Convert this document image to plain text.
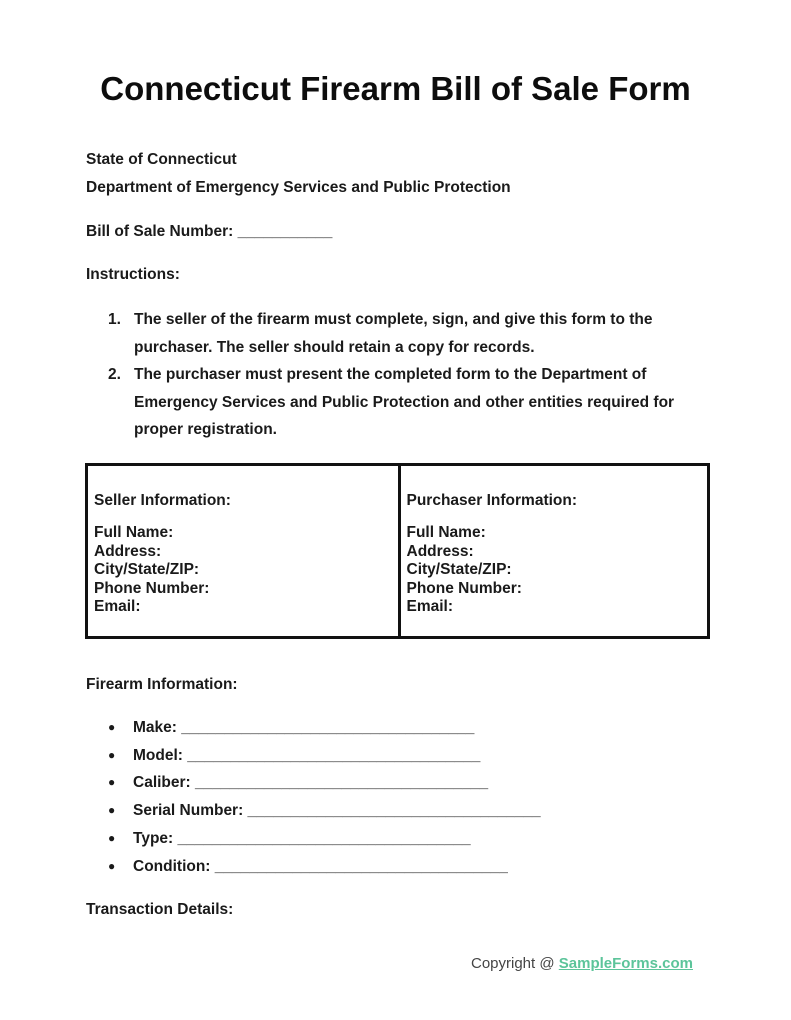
Connecticut Firearm Bill of Sale Form
State of Connecticut
Department of Emergency Services and Public Protection
Bill of Sale Number: ___________
Instructions:
1. The seller of the firearm must complete, sign, and give this form to the purchaser. The seller should retain a copy for records.
2. The purchaser must present the completed form to the Department of Emergency Services and Public Protection and other entities required for proper registration.
Seller Information:
Full Name:
Address:
City/State/ZIP:
Phone Number:
Email:
Purchaser Information:
Full Name:
Address:
City/State/ZIP:
Phone Number:
Email:
Firearm Information:
●	Make: __________________________________
●	Model: __________________________________
●	Caliber: __________________________________
●	Serial Number: __________________________________
●	Type: __________________________________
●	Condition: __________________________________
Transaction Details:
Copyright @ SampleForms.com
